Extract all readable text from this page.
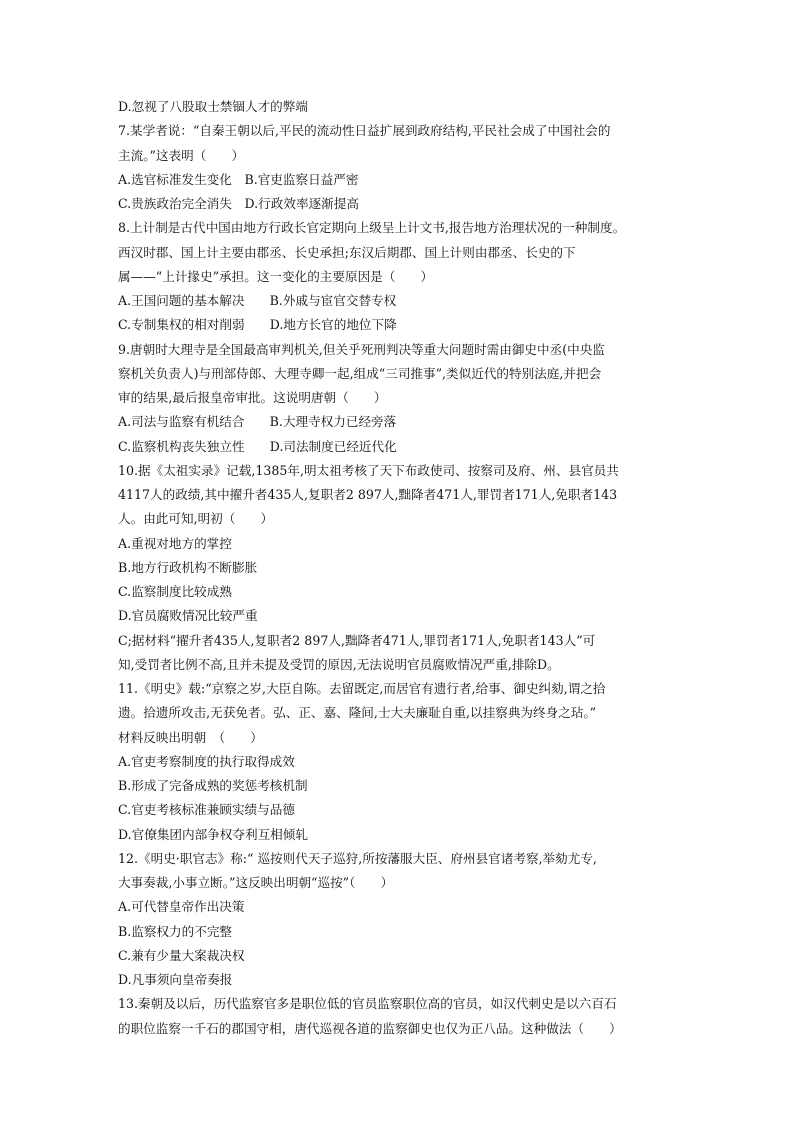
D.忽视了八股取士禁锢人才的弊端
7.某学者说：“自秦王朝以后,平民的流动性日益扩展到政府结构,平民社会成了中国社会的
主流。”这表明（　　）
A.选官标准发生变化　B.官吏监察日益严密
C.贵族政治完全消失　D.行政效率逐渐提高
8.上计制是古代中国由地方行政长官定期向上级呈上计文书,报告地方治理状况的一种制度。
西汉时郡、国上计主要由郡丞、长史承担;东汉后期郡、国上计则由郡丞、长史的下
属——“上计掾史”承担。这一变化的主要原因是（　　）
A.王国问题的基本解决　　B.外戚与宦官交替专权
C.专制集权的相对削弱　　D.地方长官的地位下降
9.唐朝时大理寺是全国最高审判机关,但关乎死刑判决等重大问题时需由御史中丞(中央监
察机关负责人)与刑部侍郎、大理寺卿一起,组成“三司推事”,类似近代的特别法庭,并把会
审的结果,最后报皇帝审批。这说明唐朝（　　）
A.司法与监察有机结合　　B.大理寺权力已经旁落
C.监察机构丧失独立性　　D.司法制度已经近代化
10.据《太祖实录》记载,1385年,明太祖考核了天下布政使司、按察司及府、州、县官员共
4117人的政绩,其中擢升者435人,复职者2 897人,黜降者471人,罪罚者171人,免职者143
人。由此可知,明初（　　）
A.重视对地方的掌控
B.地方行政机构不断膨胀
C.监察制度比较成熟
D.官员腐败情况比较严重
C;据材料“擢升者435人,复职者2 897人,黜降者471人,罪罚者171人,免职者143人”可
知,受罚者比例不高,且并未提及受罚的原因,无法说明官员腐败情况严重,排除D。
11.《明史》载:“京察之岁,大臣自陈。去留既定,而居官有遗行者,给事、御史纠劾,谓之拾
遗。拾遗所攻击,无获免者。弘、正、嘉、隆间,士大夫廉耻自重,以挂察典为终身之玷。”
材料反映出明朝　（　　）
A.官吏考察制度的执行取得成效
B.形成了完备成熟的奖惩考核机制
C.官吏考核标准兼顾实绩与品德
D.官僚集团内部争权夺利互相倾轧
12.《明史·职官志》称:“ 巡按则代天子巡狩,所按藩服大臣、府州县官诸考察,举劾尤专,
大事奏裁,小事立断。”这反映出明朝“巡按”（　　）
A.可代替皇帝作出决策
B.监察权力的不完整
C.兼有少量大案裁决权
D.凡事须向皇帝奏报
13.秦朝及以后，历代监察官多是职位低的官员监察职位高的官员，如汉代刺史是以六百石
的职位监察一千石的郡国守相，唐代巡视各道的监察御史也仅为正八品。这种做法（　　）
